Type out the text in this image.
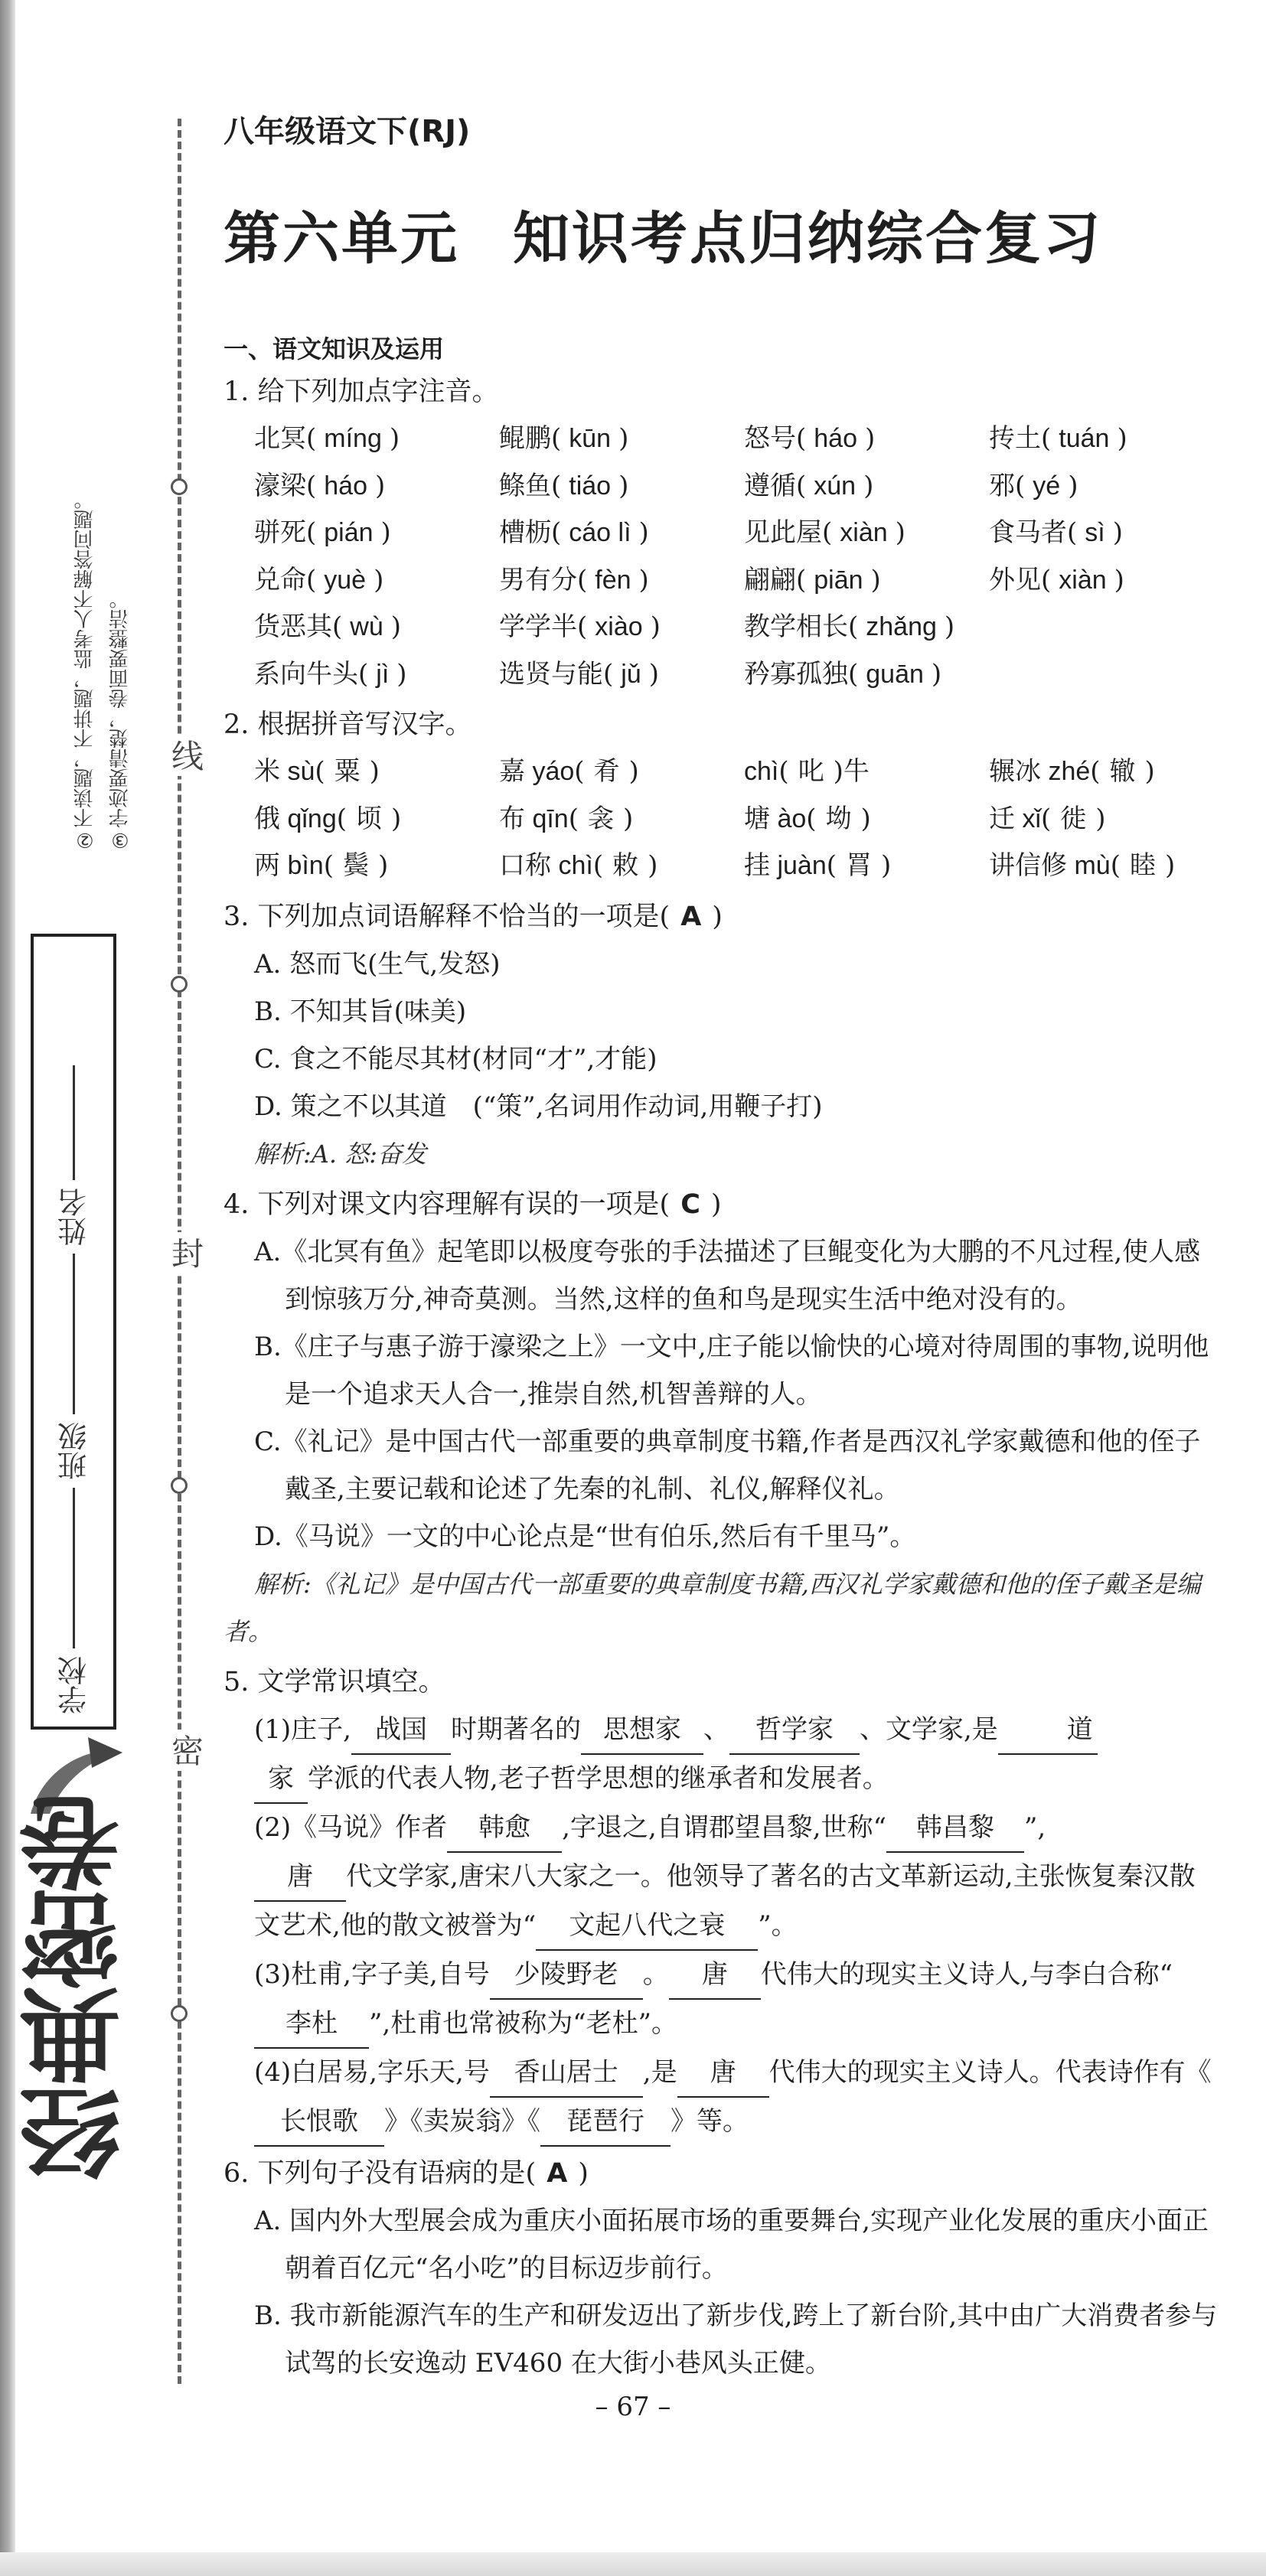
②不读题，不讲题，监考人不解答问题。 ③字迹要清楚，卷面要整洁。
学校
班级
姓名
经典密卷
线
封
密
八年级语文下(RJ)
第六单元 知识考点归纳综合复习
一、语文知识及运用
1. 给下列加点字注音。
北冥( míng )	鲲鹏( kūn )	怒号( háo )	抟土( tuán )
濠梁( háo )	鲦鱼( tiáo )	遵循( xún )	邪( yé )
骈死( pián )	槽枥( cáo lì )	见此屋( xiàn )	食马者( sì )
兑命( yuè )	男有分( fèn )	翩翩( piān )	外见( xiàn )
货恶其( wù )	学学半( xiào )	教学相长( zhǎng )
系向牛头( jì )	选贤与能( jǔ )	矜寡孤独( guān )
2. 根据拼音写汉字。
米 sù( 粟 )	嘉 yáo( 肴 )	chì( 叱 )牛	辗冰 zhé( 辙 )
俄 qǐng( 顷 )	布 qīn( 衾 )	塘 ào( 坳 )	迁 xǐ( 徙 )
两 bìn( 鬓 )	口称 chì( 敕 )	挂 juàn( 罥 )	讲信修 mù( 睦 )
3. 下列加点词语解释不恰当的一项是( A )
A. 怒而飞(生气,发怒)
B. 不知其旨(味美)
C. 食之不能尽其材(材同“才”,才能)
D. 策之不以其道　(“策”,名词用作动词,用鞭子打)
解析:A. 怒:奋发
4. 下列对课文内容理解有误的一项是( C )
A.《北冥有鱼》起笔即以极度夸张的手法描述了巨鲲变化为大鹏的不凡过程,使人感到惊骇万分,神奇莫测。当然,这样的鱼和鸟是现实生活中绝对没有的。
B.《庄子与惠子游于濠梁之上》一文中,庄子能以愉快的心境对待周围的事物,说明他是一个追求天人合一,推崇自然,机智善辩的人。
C.《礼记》是中国古代一部重要的典章制度书籍,作者是西汉礼学家戴德和他的侄子戴圣,主要记载和论述了先秦的礼制、礼仪,解释仪礼。
D.《马说》一文的中心论点是“世有伯乐,然后有千里马”。
解析:《礼记》是中国古代一部重要的典章制度书籍,西汉礼学家戴德和他的侄子戴圣是编者。
5. 文学常识填空。
(1)庄子, 战国 时期著名的 思想家 、 哲学家 、文学家,是	道
家 学派的代表人物,老子哲学思想的继承者和发展者。
(2)《马说》作者 韩愈 ,字退之,自谓郡望昌黎,世称“ 韩昌黎 ”,
唐 代文学家,唐宋八大家之一。他领导了著名的古文革新运动,主张恢复秦汉散文艺术,他的散文被誉为“ 文起八代之衰 ”。
(3)杜甫,字子美,自号 少陵野老 。 唐 代伟大的现实主义诗人,与李白合称“李杜 ”,杜甫也常被称为“老杜”。
(4)白居易,字乐天,号 香山居士 ,是 唐 代伟大的现实主义诗人。代表诗作有《长恨歌 》《卖炭翁》《 琵琶行 》等。
6. 下列句子没有语病的是( A )
A. 国内外大型展会成为重庆小面拓展市场的重要舞台,实现产业化发展的重庆小面正朝着百亿元“名小吃”的目标迈步前行。
B. 我市新能源汽车的生产和研发迈出了新步伐,跨上了新台阶,其中由广大消费者参与试驾的长安逸动 EV460 在大街小巷风头正健。
– 67 –
